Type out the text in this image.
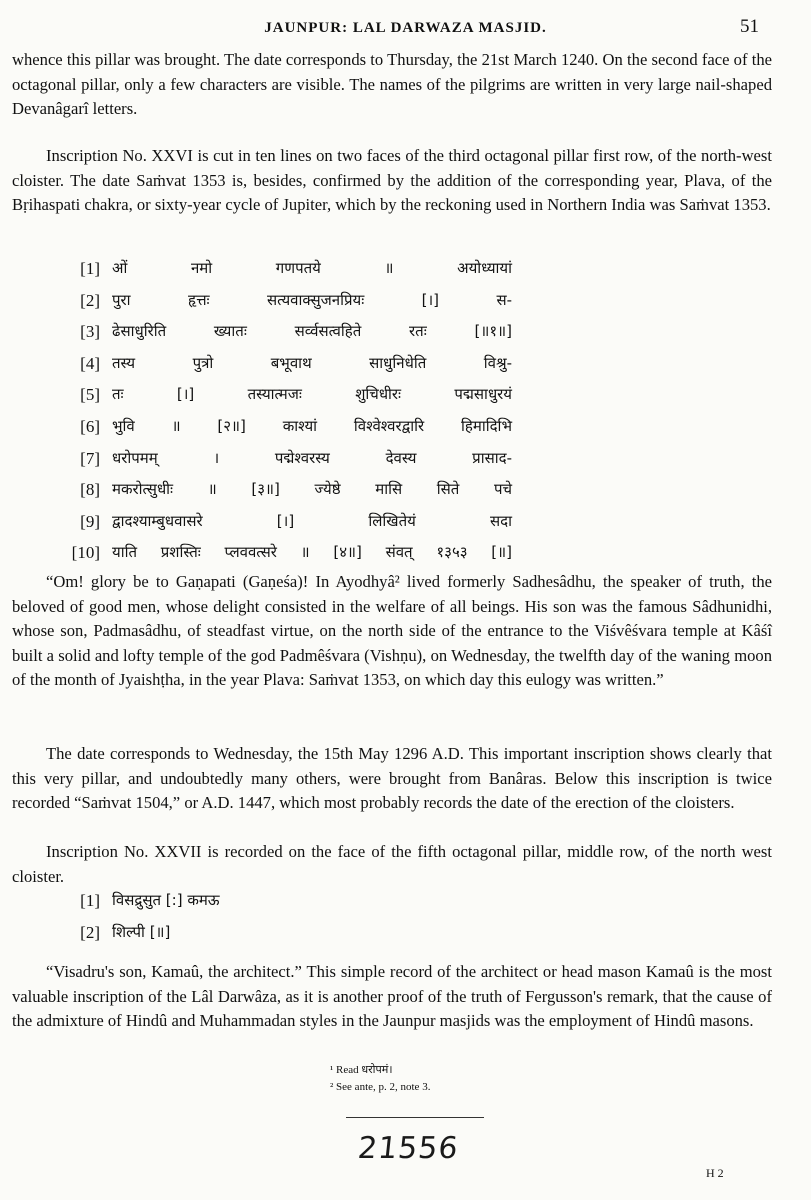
JAUNPUR: LAL DARWAZA MASJID.	51

whence this pillar was brought. The date corresponds to Thursday, the 21st March 1240. On the second face of the octagonal pillar, only a few characters are visible. The names of the pilgrims are written in very large nail-shaped Devanâgarî letters.

Inscription No. XXVI is cut in ten lines on two faces of the third octagonal pillar first row, of the north-west cloister. The date Saṁvat 1353 is, besides, confirmed by the addition of the corresponding year, Plava, of the Bṛihaspati chakra, or sixty-year cycle of Jupiter, which by the reckoning used in Northern India was Saṁvat 1353.

[1] ओं नमो गणपतये ॥ अयोध्यायां
[2] पुरा हृत्तः सत्यवाक्सुजनप्रियः [।] स-
[3] ढेसाधुरिति ख्यातः सर्व्वसत्वहिते रतः [॥१॥]
[4] तस्य पुत्रो बभूवाथ साधुनिधेति विश्रु-
[5] तः [।] तस्यात्मजः शुचिधीरः पद्मसाधुरयं
[6] भुवि ॥ [२॥] काश्यां विश्वेश्वरद्वारि हिमादिभि
[7] धरोपमम् । पद्मेश्वरस्य देवस्य प्रासाद-
[8] मकरोत्सुधीः ॥ [३॥] ज्येष्ठे मासि सिते पचे
[9] द्वादश्याम्बुधवासरे [।] लिखितेयं सदा
[10] याति प्रशस्तिः प्लववत्सरे ॥ [४॥] संवत् १३५३ [॥]

“Om! glory be to Gaṇapati (Gaṇeśa)! In Ayodhyâ² lived formerly Sadhesâdhu, the speaker of truth, the beloved of good men, whose delight consisted in the welfare of all beings. His son was the famous Sâdhunidhi, whose son, Padmasâdhu, of steadfast virtue, on the north side of the entrance to the Viśvêśvara temple at Kâśî built a solid and lofty temple of the god Padmêśvara (Vishṇu), on Wednesday, the twelfth day of the waning moon of the month of Jyaishṭha, in the year Plava: Saṁvat 1353, on which day this eulogy was written.”

The date corresponds to Wednesday, the 15th May 1296 A.D. This important inscription shows clearly that this very pillar, and undoubtedly many others, were brought from Banâras. Below this inscription is twice recorded “Saṁvat 1504,” or A.D. 1447, which most probably records the date of the erection of the cloisters.

Inscription No. XXVII is recorded on the face of the fifth octagonal pillar, middle row, of the north west cloister.

[1] विसद्रुसुत [:] कमऊ
[2] शिल्पी [॥]

“Visadru's son, Kamaû, the architect.” This simple record of the architect or head mason Kamaû is the most valuable inscription of the Lâl Darwâza, as it is another proof of the truth of Fergusson's remark, that the cause of the admixture of Hindû and Muhammadan styles in the Jaunpur masjids was the employment of Hindû masons.

¹ Read धरोपमं।
² See ante, p. 2, note 3.
21556
H 2
